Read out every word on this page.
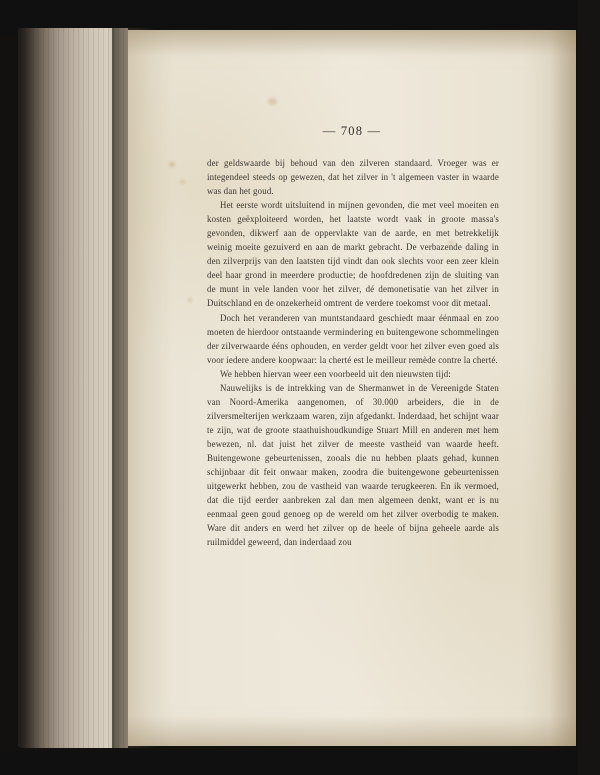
— 708 —

der geldswaarde bij behoud van den zilveren standaard. Vroeger was er integendeel steeds op gewezen, dat het zilver in 't algemeen vaster in waarde was dan het goud.

Het eerste wordt uitsluitend in mijnen gevonden, die met veel moeiten en kosten geëxploiteerd worden, het laatste wordt vaak in groote massa's gevonden, dikwerf aan de oppervlakte van de aarde, en met betrekkelijk weinig moeite gezuiverd en aan de markt gebracht. De verbazende daling in den zilverprijs van den laatsten tijd vindt dan ook slechts voor een zeer klein deel haar grond in meerdere productie; de hoofdredenen zijn de sluiting van de munt in vele landen voor het zilver, dé demonetisatie van het zilver in Duitschland en de onzekerheid omtrent de verdere toekomst voor dit metaal.

Doch het veranderen van muntstandaard geschiedt maar éénmaal en zoo moeten de hierdoor ontstaande vermindering en buitengewone schommelingen der zilverwaarde ééns ophouden, en verder geldt voor het zilver even goed als voor iedere andere koopwaar: la cherté est le meilleur remède contre la cherté.

We hebben hiervan weer een voorbeeld uit den nieuwsten tijd:

Nauwelijks is de intrekking van de Shermanwet in de Vereenigde Staten van Noord-Amerika aangenomen, of 30.000 arbeiders, die in de zilversmelterijen werkzaam waren, zijn afgedankt. Inderdaad, het schijnt waar te zijn, wat de groote staathuishoudkundige Stuart Mill en anderen met hem bewezen, nl. dat juist het zilver de meeste vastheid van waarde heeft. Buitengewone gebeurtenissen, zooals die nu hebben plaats gehad, kunnen schijnbaar dit feit onwaar maken, zoodra die buitengewone gebeurtenissen uitgewerkt hebben, zou de vastheid van waarde terugkeeren. En ik vermoed, dat die tijd eerder aanbreken zal dan men algemeen denkt, want er is nu eenmaal geen goud genoeg op de wereld om het zilver overbodig te maken. Ware dit anders en werd het zilver op de heele of bijna geheele aarde als ruilmiddel geweerd, dan inderdaad zou
